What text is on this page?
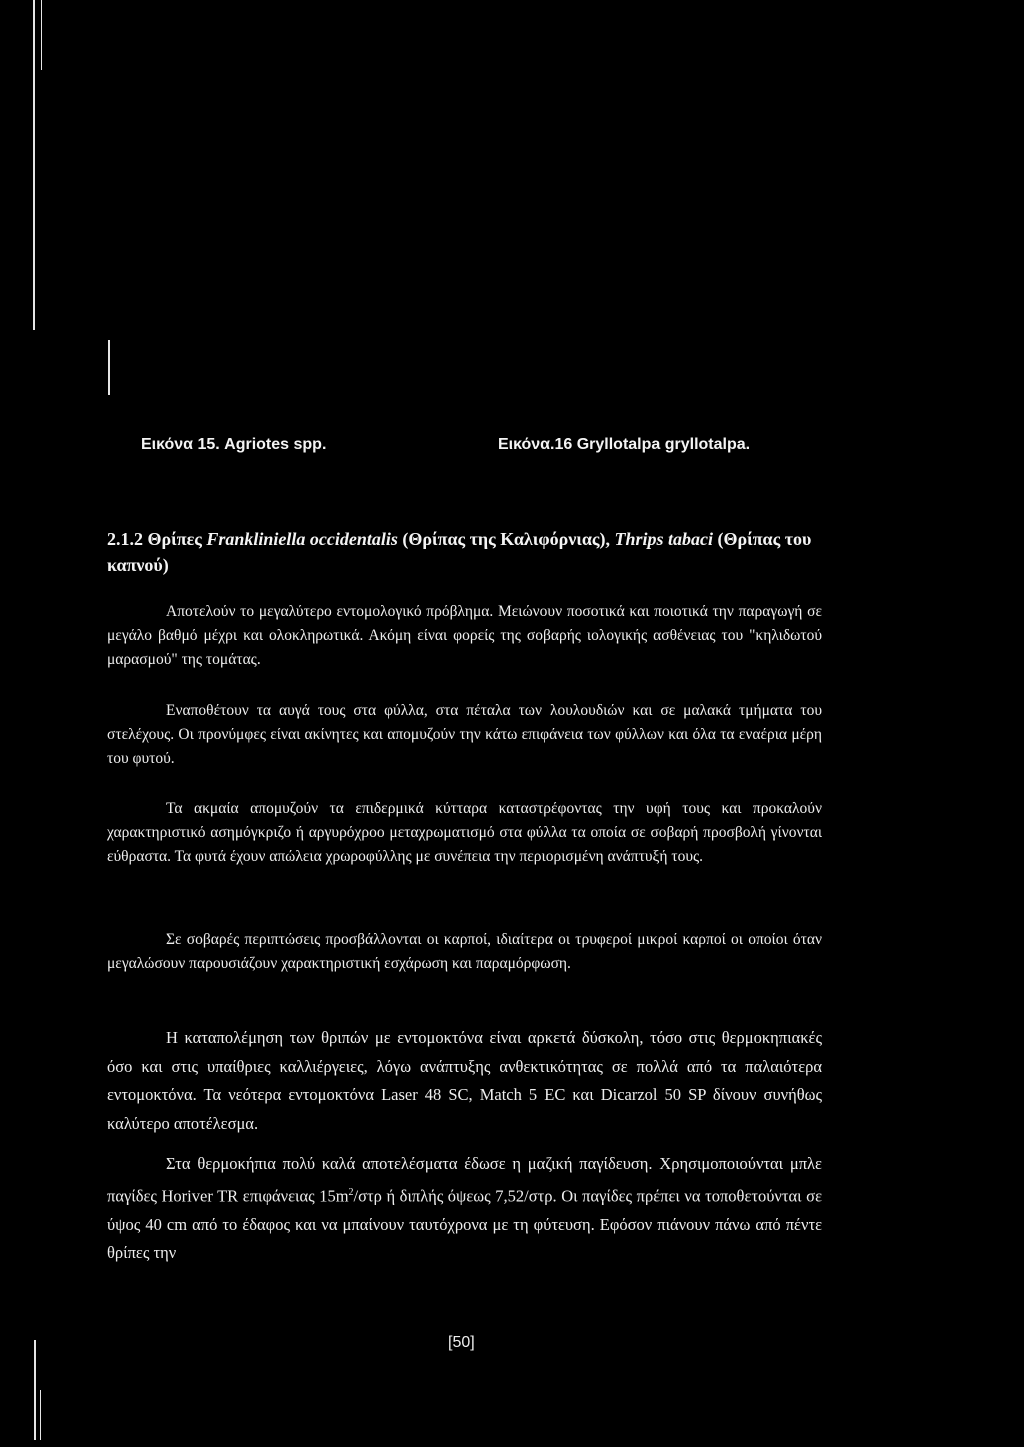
Εικόνα 15. Agriotes spp.	Εικόνα.16 Gryllotalpa gryllotalpa.
2.1.2 Θρίπες Frankliniella occidentalis (Θρίπας της Καλιφόρνιας), Thrips tabaci (Θρίπας του καπνού)
Αποτελούν το μεγαλύτερο εντομολογικό πρόβλημα. Μειώνουν ποσοτικά και ποιοτικά την παραγωγή σε μεγάλο βαθμό μέχρι και ολοκληρωτικά. Ακόμη είναι φορείς της σοβαρής ιολογικής ασθένειας του "κηλιδωτού μαρασμού" της τομάτας.
Εναποθέτουν τα αυγά τους στα φύλλα, στα πέταλα των λουλουδιών και σε μαλακά τμήματα του στελέχους. Οι προνύμφες είναι ακίνητες και απομυζούν την κάτω επιφάνεια των φύλλων και όλα τα εναέρια μέρη του φυτού.
Τα ακμαία απομυζούν τα επιδερμικά κύτταρα καταστρέφοντας την υφή τους και προκαλούν χαρακτηριστικό ασημόγκριζο ή αργυρόχροο μεταχρωματισμό στα φύλλα τα οποία σε σοβαρή προσβολή γίνονται εύθραστα. Τα φυτά έχουν απώλεια χρωροφύλλης με συνέπεια την περιορισμένη ανάπτυξή τους.
Σε σοβαρές περιπτώσεις προσβάλλονται οι καρποί, ιδιαίτερα οι τρυφεροί μικροί καρποί οι οποίοι όταν μεγαλώσουν παρουσιάζουν χαρακτηριστική εσχάρωση και παραμόρφωση.
Η καταπολέμηση των θριπών με εντομοκτόνα είναι αρκετά δύσκολη, τόσο στις θερμοκηπιακές όσο και στις υπαίθριες καλλιέργειες, λόγω ανάπτυξης ανθεκτικότητας σε πολλά από τα παλαιότερα εντομοκτόνα. Τα νεότερα εντομοκτόνα Laser 48 SC, Match 5 EC και Dicarzol 50 SP δίνουν συνήθως καλύτερο αποτέλεσμα.
Στα θερμοκήπια πολύ καλά αποτελέσματα έδωσε η μαζική παγίδευση. Χρησιμοποιούνται μπλε παγίδες Horiver TR επιφάνειας $15m^2$/στρ ή διπλής όψεως 7,52/στρ. Οι παγίδες πρέπει να τοποθετούνται σε ύψος 40 cm από το έδαφος και να μπαίνουν ταυτόχρονα με τη φύτευση. Εφόσον πιάνουν πάνω από πέντε θρίπες την
[50]
